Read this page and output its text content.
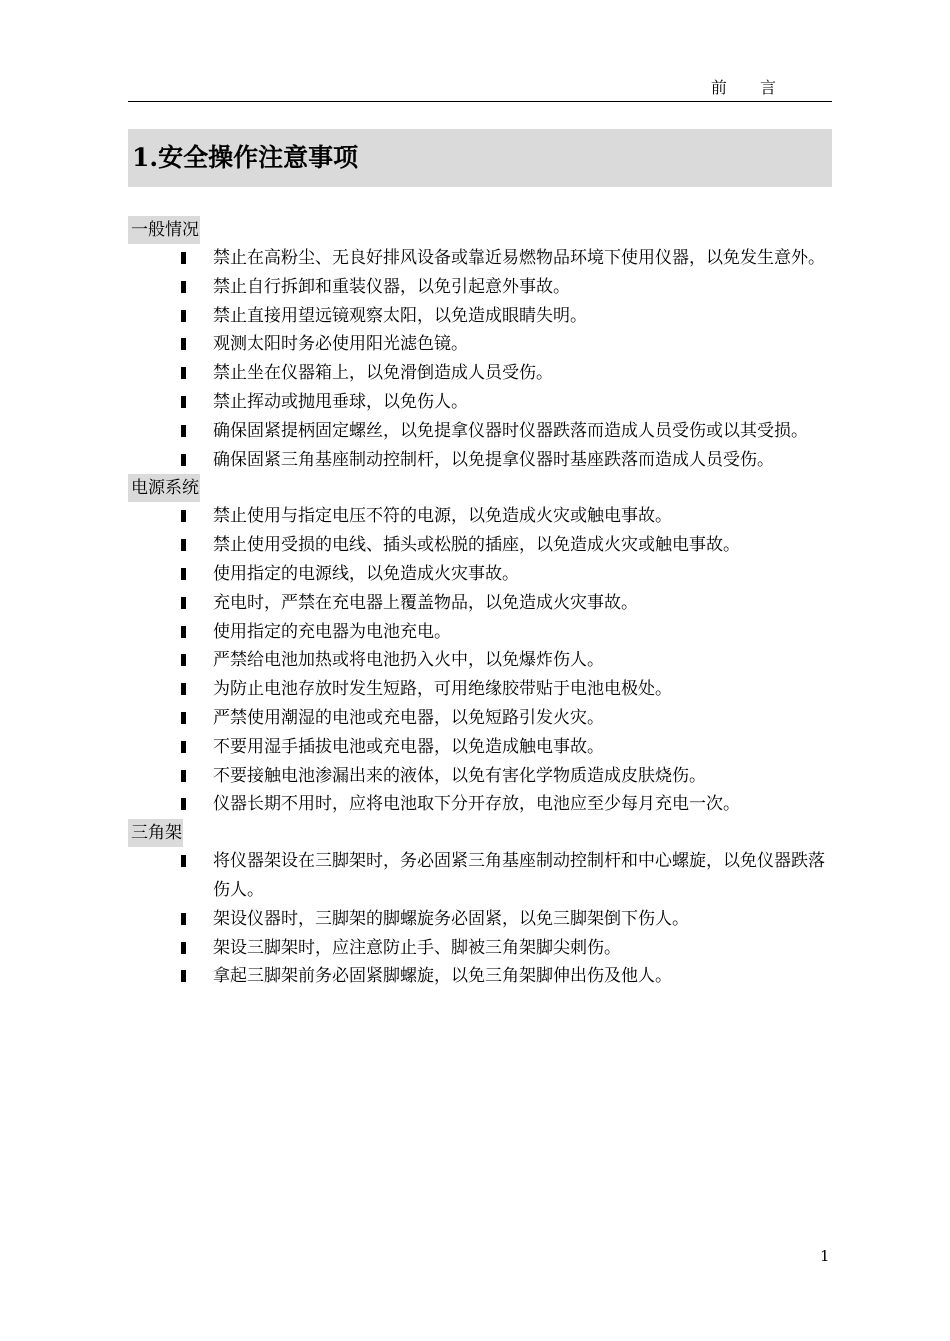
前 言
1.安全操作注意事项
一般情况
禁止在高粉尘、无良好排风设备或靠近易燃物品环境下使用仪器，以免发生意外。
禁止自行拆卸和重装仪器，以免引起意外事故。
禁止直接用望远镜观察太阳，以免造成眼睛失明。
观测太阳时务必使用阳光滤色镜。
禁止坐在仪器箱上，以免滑倒造成人员受伤。
禁止挥动或抛甩垂球，以免伤人。
确保固紧提柄固定螺丝，以免提拿仪器时仪器跌落而造成人员受伤或以其受损。
确保固紧三角基座制动控制杆，以免提拿仪器时基座跌落而造成人员受伤。
电源系统
禁止使用与指定电压不符的电源，以免造成火灾或触电事故。
禁止使用受损的电线、插头或松脱的插座，以免造成火灾或触电事故。
使用指定的电源线，以免造成火灾事故。
充电时，严禁在充电器上覆盖物品，以免造成火灾事故。
使用指定的充电器为电池充电。
严禁给电池加热或将电池扔入火中，以免爆炸伤人。
为防止电池存放时发生短路，可用绝缘胶带贴于电池电极处。
严禁使用潮湿的电池或充电器，以免短路引发火灾。
不要用湿手插拔电池或充电器，以免造成触电事故。
不要接触电池渗漏出来的液体，以免有害化学物质造成皮肤烧伤。
仪器长期不用时，应将电池取下分开存放，电池应至少每月充电一次。
三角架
将仪器架设在三脚架时，务必固紧三角基座制动控制杆和中心螺旋，以免仪器跌落伤人。
架设仪器时，三脚架的脚螺旋务必固紧，以免三脚架倒下伤人。
架设三脚架时，应注意防止手、脚被三角架脚尖刺伤。
拿起三脚架前务必固紧脚螺旋，以免三角架脚伸出伤及他人。
1
